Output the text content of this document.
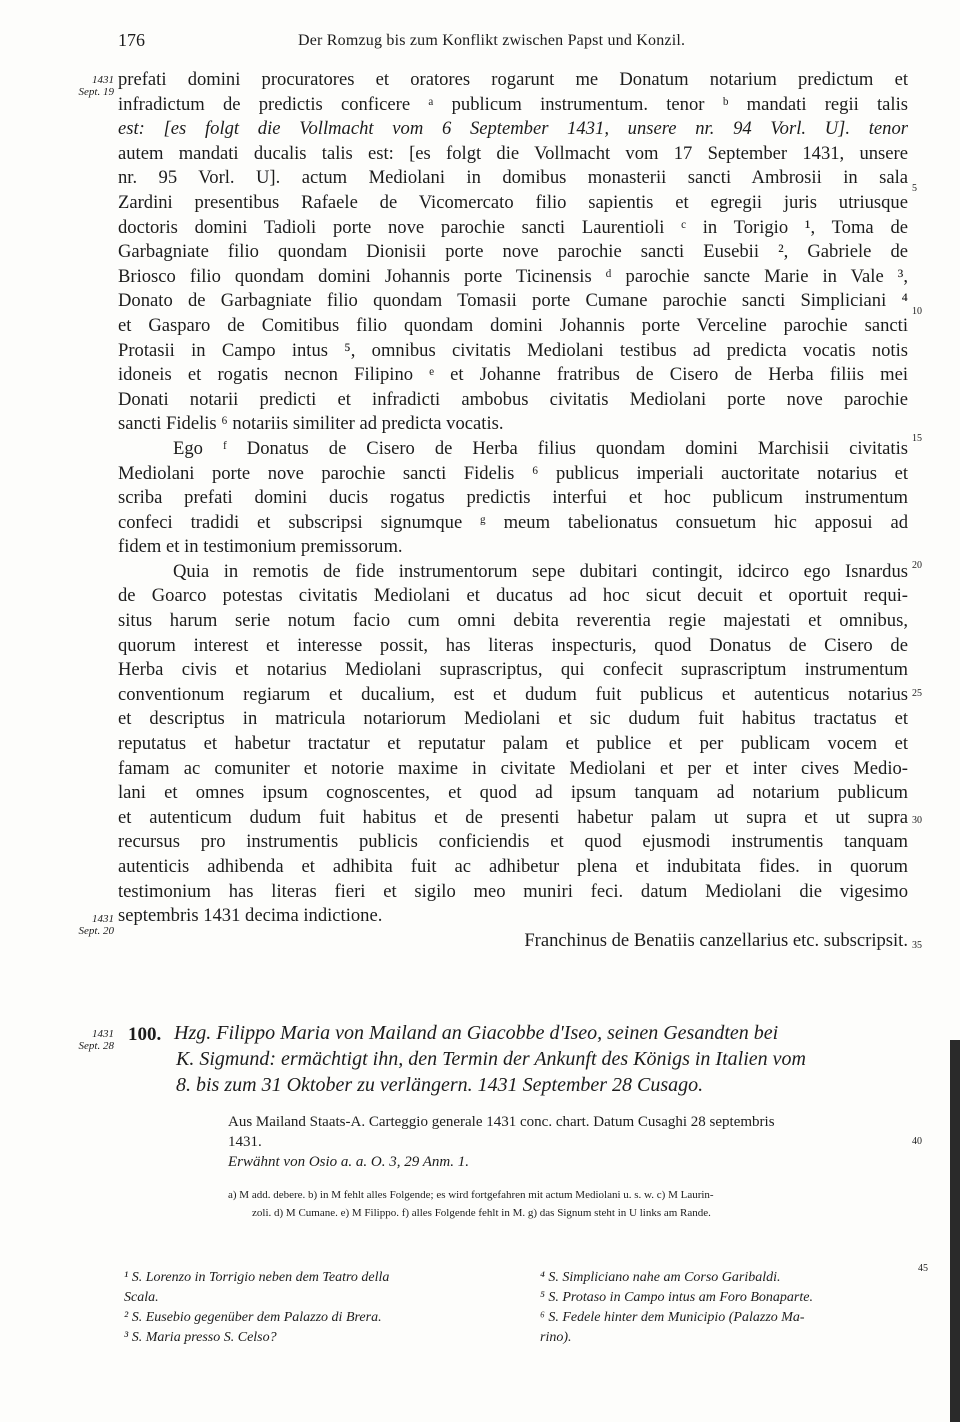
176	Der Romzug bis zum Konflikt zwischen Papst und Konzil.
1431
Sept. 19
1431
Sept. 20
1431
Sept. 28
prefati domini procuratores et oratores rogarunt me Donatum notarium predictum et
infradictum de predictis conficere ᵃ publicum instrumentum. tenor ᵇ mandati regii talis
est: [es folgt die Vollmacht vom 6 September 1431, unsere nr. 94 Vorl. U]. tenor
autem mandati ducalis talis est: [es folgt die Vollmacht vom 17 September 1431, unsere
nr. 95 Vorl. U]. actum Mediolani in domibus monasterii sancti Ambrosii in sala
Zardini presentibus Rafaele de Vicomercato filio sapientis et egregii juris utriusque
doctoris domini Tadioli porte nove parochie sancti Laurentioli ᶜ in Torigio ¹, Toma de
Garbagniate filio quondam Dionisii porte nove parochie sancti Eusebii ², Gabriele de
Briosco filio quondam domini Johannis porte Ticinensis ᵈ parochie sancte Marie in Vale ³,
Donato de Garbagniate filio quondam Tomasii porte Cumane parochie sancti Simpliciani ⁴
et Gasparo de Comitibus filio quondam domini Johannis porte Verceline parochie sancti
Protasii in Campo intus ⁵, omnibus civitatis Mediolani testibus ad predicta vocatis notis
idoneis et rogatis necnon Filipino ᵉ et Johanne fratribus de Cisero de Herba filiis mei
Donati notarii predicti et infradicti ambobus civitatis Mediolani porte nove parochie
sancti Fidelis ⁶ notariis similiter ad predicta vocatis.
Ego ᶠ Donatus de Cisero de Herba filius quondam domini Marchisii civitatis
Mediolani porte nove parochie sancti Fidelis ⁶ publicus imperiali auctoritate notarius et
scriba prefati domini ducis rogatus predictis interfui et hoc publicum instrumentum
confeci tradidi et subscripsi signumque ᵍ meum tabelionatus consuetum hic apposui ad
fidem et in testimonium premissorum.
Quia in remotis de fide instrumentorum sepe dubitari contingit, idcirco ego Isnardus
de Goarco potestas civitatis Mediolani et ducatus ad hoc sicut decuit et oportuit requi-
situs harum serie notum facio cum omni debita reverentia regie majestati et omnibus,
quorum interest et interesse possit, has literas inspecturis, quod Donatus de Cisero de
Herba civis et notarius Mediolani suprascriptus, qui confecit suprascriptum instrumentum
conventionum regiarum et ducalium, est et dudum fuit publicus et autenticus notarius
et descriptus in matricula notariorum Mediolani et sic dudum fuit habitus tractatus et
reputatus et habetur tractatur et reputatur palam et publice et per publicam vocem et
famam ac comuniter et notorie maxime in civitate Mediolani et per et inter cives Medio-
lani et omnes ipsum cognoscentes, et quod ad ipsum tanquam ad notarium publicum
et autenticum dudum fuit habitus et de presenti habetur palam ut supra et ut supra
recursus pro instrumentis publicis conficiendis et quod ejusmodi instrumentis tanquam
autenticis adhibenda et adhibita fuit ac adhibetur plena et indubitata fides. in quorum
testimonium has literas fieri et sigilo meo muniri feci. datum Mediolani die vigesimo
septembris 1431 decima indictione.
Franchinus de Benatiis canzellarius etc. subscripsit.
5
10
15
20
25
30
35
40
45
100. Hzg. Filippo Maria von Mailand an Giacobbe d'Iseo, seinen Gesandten bei
K. Sigmund: ermächtigt ihn, den Termin der Ankunft des Königs in Italien vom
8. bis zum 31 Oktober zu verlängern. 1431 September 28 Cusago.
Aus Mailand Staats-A. Carteggio generale 1431 conc. chart. Datum Cusaghi 28 septembris
1431.
Erwähnt von Osio a. a. O. 3, 29 Anm. 1.
a) M add. debere. b) in M fehlt alles Folgende; es wird fortgefahren mit actum Mediolani u. s. w. c) M Laurin-
zoli. d) M Cumane. e) M Filippo. f) alles Folgende fehlt in M. g) das Signum steht in U links am Rande.
¹ S. Lorenzo in Torrigio neben dem Teatro della
Scala.
² S. Eusebio gegenüber dem Palazzo di Brera.
³ S. Maria presso S. Celso?
⁴ S. Simpliciano nahe am Corso Garibaldi.
⁵ S. Protaso in Campo intus am Foro Bonaparte.
⁶ S. Fedele hinter dem Municipio (Palazzo Ma-
rino).
